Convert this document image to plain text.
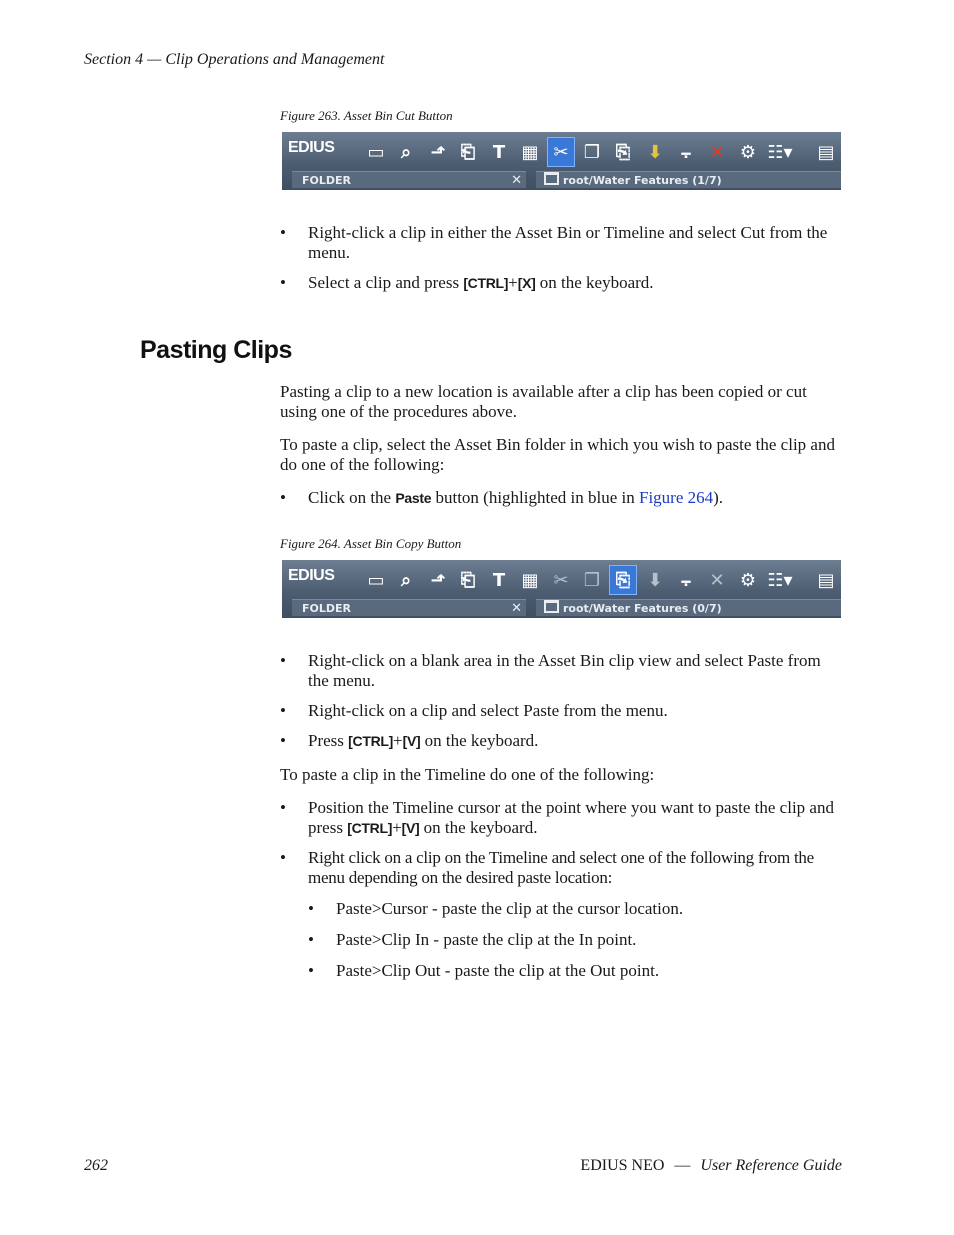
Section 4 — Clip Operations and Management
Figure 263. Asset Bin Cut Button
EDIUS	▭ ⌕	⬏ ⎗ T ▦ ✂ ❐ ⎘ ⬇	⨪	✕ ⚙ ☷▾	▤
FOLDER	✕	root/Water Features (1/7)
• Right-click a clip in either the Asset Bin or Timeline and select Cut from the menu.
• Select a clip and press [CTRL]+[X] on the keyboard.
Pasting Clips

Pasting a clip to a new location is available after a clip has been copied or cut using one of the procedures above.

To paste a clip, select the Asset Bin folder in which you wish to paste the clip and do one of the following:

• Click on the Paste button (highlighted in blue in Figure 264).
Figure 264. Asset Bin Copy Button
EDIUS	▭ ⌕	⬏ ⎗ T ▦ ✂ ❐ ⎘ ⬇	⨪	✕ ⚙ ☷▾	▤
FOLDER	✕	root/Water Features (0/7)
• Right-click on a blank area in the Asset Bin clip view and select Paste from the menu.
• Right-click on a clip and select Paste from the menu.
• Press [CTRL]+[V] on the keyboard.

To paste a clip in the Timeline do one of the following:

• Position the Timeline cursor at the point where you want to paste the clip and press [CTRL]+[V] on the keyboard.
• Right click on a clip on the Timeline and select one of the following from the menu depending on the desired paste location:
• Paste>Cursor - paste the clip at the cursor location.
• Paste>Clip In - paste the clip at the In point.
• Paste>Clip Out - paste the clip at the Out point.
262	EDIUS NEO — User Reference Guide
